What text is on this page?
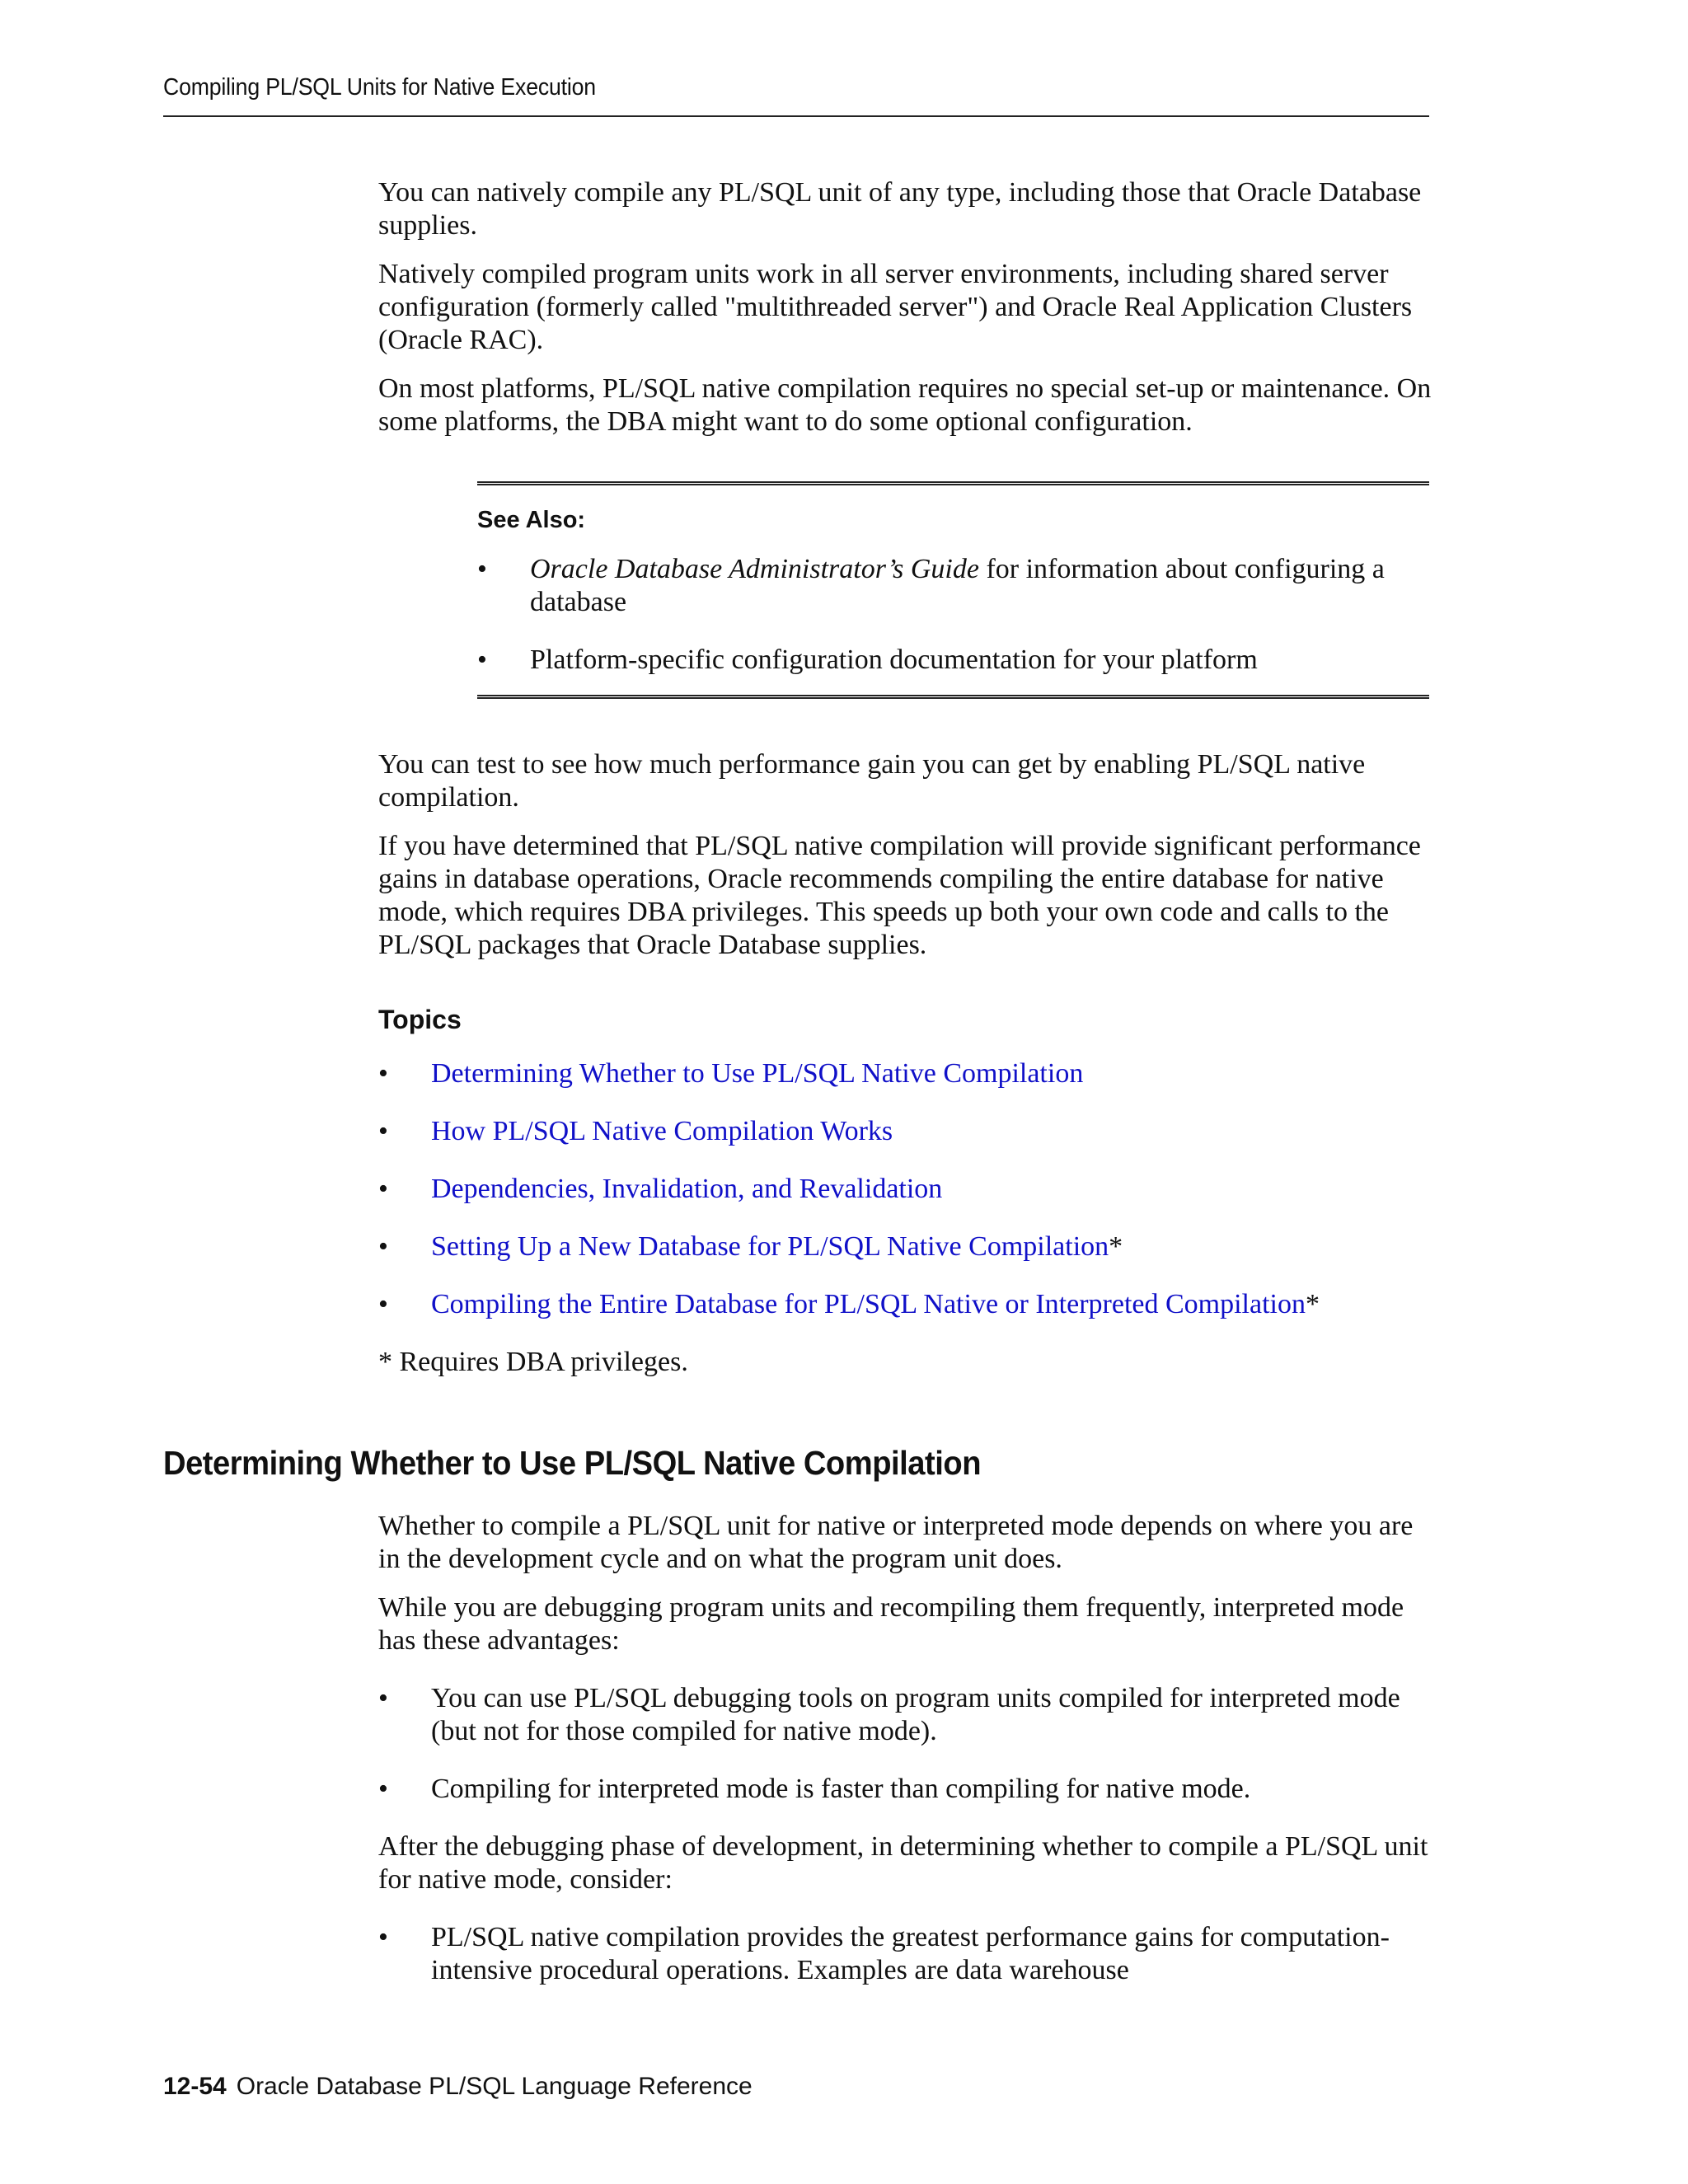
Compiling PL/SQL Units for Native Execution

You can natively compile any PL/SQL unit of any type, including those that Oracle Database supplies.

Natively compiled program units work in all server environments, including shared server configuration (formerly called "multithreaded server") and Oracle Real Application Clusters (Oracle RAC).

On most platforms, PL/SQL native compilation requires no special set-up or maintenance. On some platforms, the DBA might want to do some optional configuration.

See Also:
• Oracle Database Administrator’s Guide for information about configuring a database
• Platform-specific configuration documentation for your platform

You can test to see how much performance gain you can get by enabling PL/SQL native compilation.

If you have determined that PL/SQL native compilation will provide significant performance gains in database operations, Oracle recommends compiling the entire database for native mode, which requires DBA privileges. This speeds up both your own code and calls to the PL/SQL packages that Oracle Database supplies.

Topics
• Determining Whether to Use PL/SQL Native Compilation
• How PL/SQL Native Compilation Works
• Dependencies, Invalidation, and Revalidation
• Setting Up a New Database for PL/SQL Native Compilation*
• Compiling the Entire Database for PL/SQL Native or Interpreted Compilation*
* Requires DBA privileges.
Determining Whether to Use PL/SQL Native Compilation

Whether to compile a PL/SQL unit for native or interpreted mode depends on where you are in the development cycle and on what the program unit does.

While you are debugging program units and recompiling them frequently, interpreted mode has these advantages:

• You can use PL/SQL debugging tools on program units compiled for interpreted mode (but not for those compiled for native mode).
• Compiling for interpreted mode is faster than compiling for native mode.

After the debugging phase of development, in determining whether to compile a PL/SQL unit for native mode, consider:

• PL/SQL native compilation provides the greatest performance gains for computation-intensive procedural operations. Examples are data warehouse
12-54 Oracle Database PL/SQL Language Reference
